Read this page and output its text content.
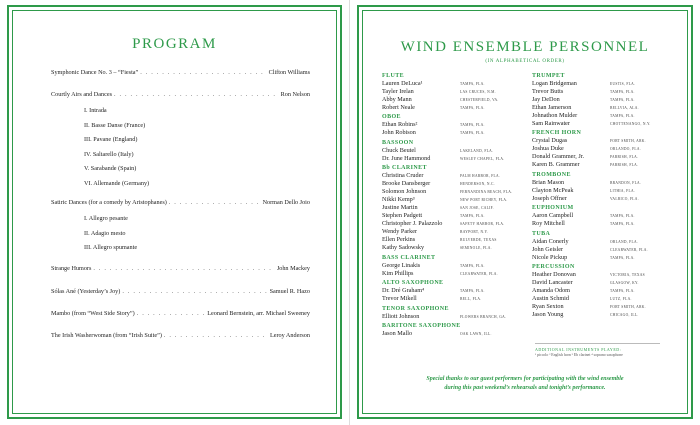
PROGRAM
Symphonic Dance No. 3 – “Fiesta” . . .	Clifton Williams
Courtly Airs and Dances . . .	Ron Nelson
I. Intrada
II. Basse Danse (France)
III. Pavane (England)
IV. Saltarello (Italy)
V. Sarabande (Spain)
VI. Allemande (Germany)
Satiric Dances (for a comedy by Aristophanes) . . .	Norman Dello Joio
I. Allegro pesante
II. Adagio mesto
III. Allegro spumante
Strange Humors . . .	John Mackey
Sólas Ané (Yesterday’s Joy) . . .	Samuel R. Hazo
Mambo (from “West Side Story”) . . .	Leonard Bernstein, arr. Michael Sweeney
The Irish Washerwoman (from “Irish Suite”) . . .	Leroy Anderson
WIND ENSEMBLE PERSONNEL
(IN ALPHABETICAL ORDER)
FLUTE
Lauren DeLuca¹	TAMPA, FLA.
Tayler Irelan	LAS CRUCES, N.M.
Abby Mann	CHESTERFIELD, VA.
Robert Neale	TAMPA, FLA.
OBOE
Ethan Robins²	TAMPA, FLA.
John Robison	TAMPA, FLA.
BASSOON
Chuck Beutel	LAKELAND, FLA.
Dr. June Hammond	WESLEY CHAPEL, FLA.
Bb CLARINET
Christina Cruder	PALM HARBOR, FLA.
Brooke Dansberger	HENDERSON, N.C.
Solomon Johnson	FERNANDINA BEACH, FLA.
Nikki Kemp³	NEW PORT RICHEY, FLA.
Justine Martin	SAN JOSE, CALIF.
Stephen Padgett	TAMPA, FLA.
Christopher J. Palazzolo	SAFETY HARBOR, FLA.
Wendy Parker	BAYPORT, N.Y.
Ellen Perkins	BULVERDE, TEXAS
Kathy Sadowsky	SEMINOLE, FLA.
BASS CLARINET
George Linakis	TAMPA, FLA.
Kim Phillips	CLEARWATER, FLA.
ALTO SAXOPHONE
Dr. Dré Graham⁴	TAMPA, FLA.
Trevor Mikell	BELL, FLA.
TENOR SAXOPHONE
Elliott Johnson	FLOWERS BRANCH, GA.
BARITONE SAXOPHONE
Jason Mallo	OAK LAWN, ILL.
TRUMPET
Logan Bridgeman	EUSTIS, FLA.
Trevor Butts	TAMPA, FLA.
Jay DeDon	TAMPA, FLA.
Ethan Jamerson	BELLVIA, ALA.
Johnathon Mulder	TAMPA, FLA.
Sam Rainwater	CHOTTENANGO, N.Y.
FRENCH HORN
Crystal Dugas	FORT SMITH, ARK.
Joshua Duke	ORLANDO, FLA.
Donald Grammer, Jr.	PARRISH, FLA.
Karen B. Grammer	PARRISH, FLA.
TROMBONE
Brian Mason	BRANDON, FLA.
Clayton McPeak	LITHIA, FLA.
Joseph Offner	VALRICO, FLA.
EUPHONIUM
Aaron Campbell	TAMPA, FLA.
Roy Mitchell	TAMPA, FLA.
TUBA
Aidan Conerly	ORLAND, FLA.
John Geisler	CLEARWATER, FLA.
Nicole Pickup	TAMPA, FLA.
PERCUSSION
Heather Donovan	VICTORIA, TEXAS
David Lancaster	GLASGOW, KY.
Amanda Odom	TAMPA, FLA.
Austin Schmid	LUTZ, FLA.
Ryan Sexton	FORT SMITH, ARK.
Jason Young	CHICAGO, ILL.
ADDITIONAL INSTRUMENTS PLAYED:
¹ piccolo ² English horn ³ Eb clarinet ⁴ soprano saxophone
Special thanks to our guest performers for participating with the wind ensemble
during this past weekend’s rehearsals and tonight’s performance.
